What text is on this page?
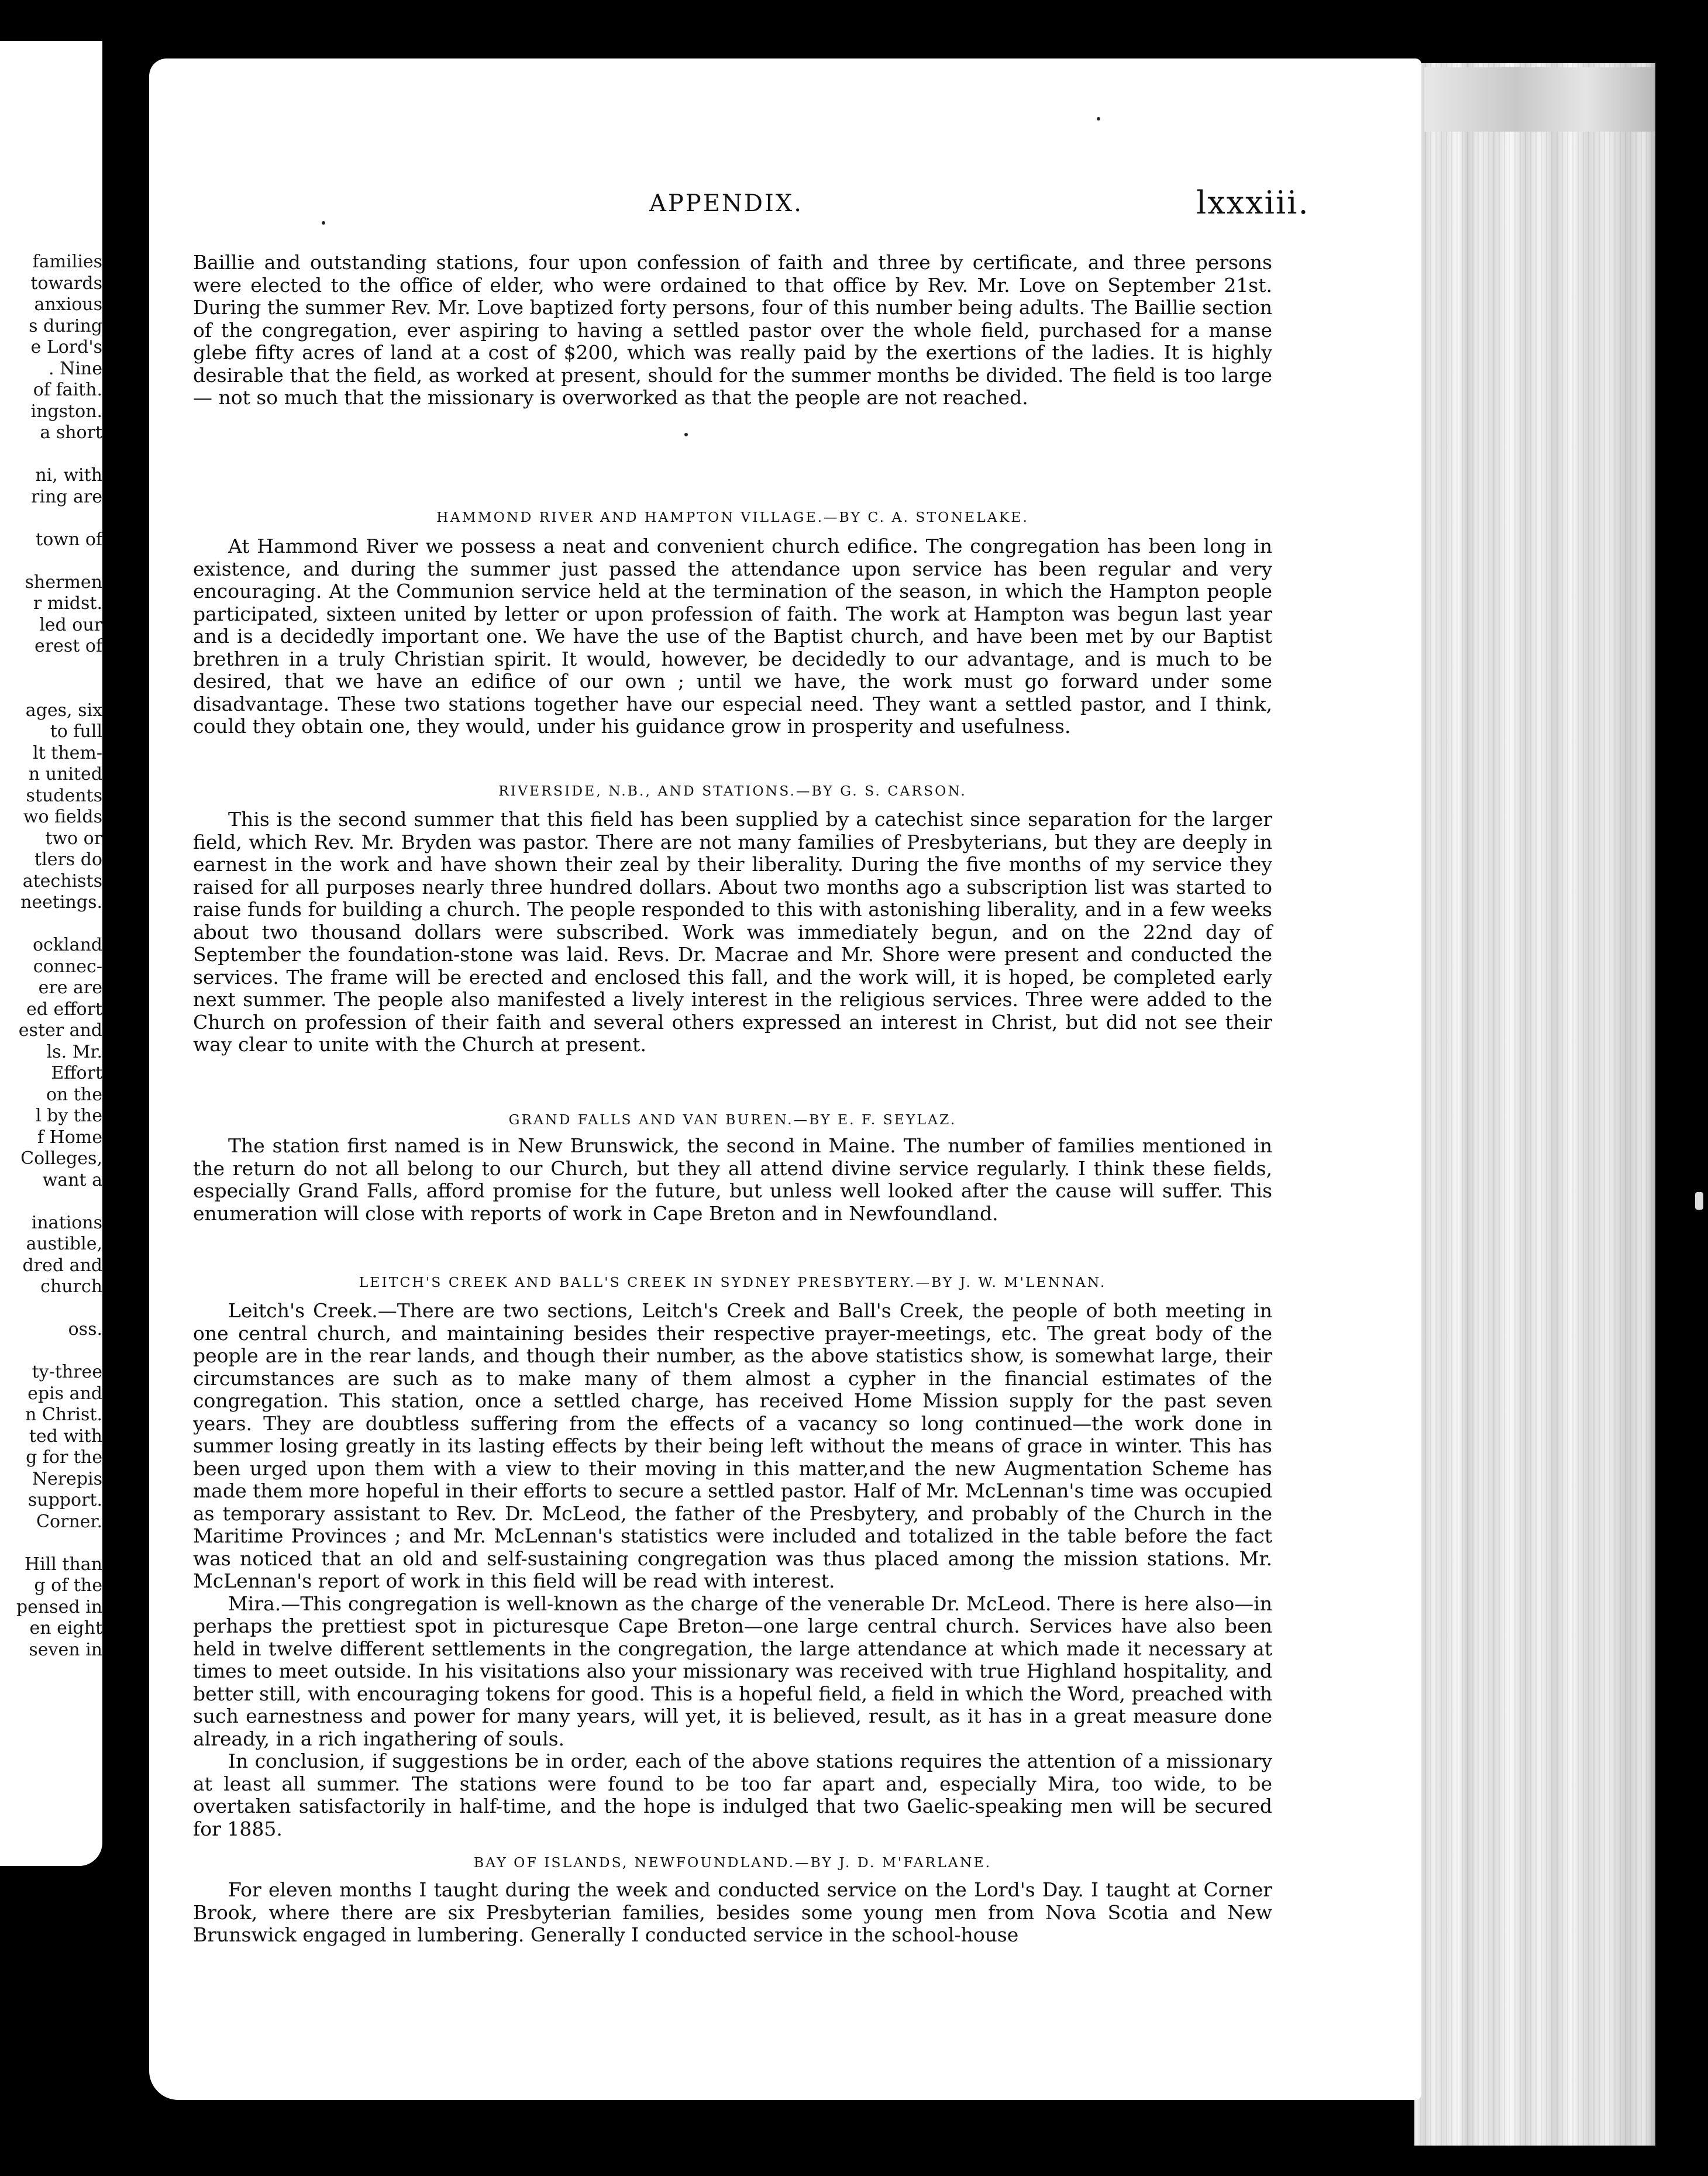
families
towards
anxious
s during
e Lord's
. Nine
of faith.
ingston.
a short
ni, with
ring are
town of
shermen
r midst.
led our
erest of
ages, six
to full
lt them-
n united
students
wo fields
two or
tlers do
atechists
neetings.
ockland
connec-
ere are
ed effort
ester and
ls. Mr.
Effort
on the
l by the
f Home
Colleges,
want a
inations
austible,
dred and
church
oss.
ty-three
epis and
n Christ.
ted with
g for the
Nerepis
support.
Corner.
Hill than
g of the
pensed in
en eight
seven in
APPENDIX.	lxxxiii.

Baillie and outstanding stations, four upon confession of faith and three by certificate, and three persons were elected to the office of elder, who were ordained to that office by Rev. Mr. Love on September 21st. During the summer Rev. Mr. Love baptized forty persons, four of this number being adults. The Baillie section of the congregation, ever aspiring to having a settled pastor over the whole field, purchased for a manse glebe fifty acres of land at a cost of $200, which was really paid by the exertions of the ladies. It is highly desirable that the field, as worked at present, should for the summer months be divided. The field is too large— not so much that the missionary is overworked as that the people are not reached.

HAMMOND RIVER AND HAMPTON VILLAGE.—BY C. A. STONELAKE.

At Hammond River we possess a neat and convenient church edifice. The congregation has been long in existence, and during the summer just passed the attendance upon service has been regular and very encouraging. At the Communion service held at the termination of the season, in which the Hampton people participated, sixteen united by letter or upon profession of faith. The work at Hampton was begun last year and is a decidedly important one. We have the use of the Baptist church, and have been met by our Baptist brethren in a truly Christian spirit. It would, however, be decidedly to our advantage, and is much to be desired, that we have an edifice of our own ; until we have, the work must go forward under some disadvantage. These two stations together have our especial need. They want a settled pastor, and I think, could they obtain one, they would, under his guidance grow in prosperity and usefulness.

RIVERSIDE, N.B., AND STATIONS.—BY G. S. CARSON.

This is the second summer that this field has been supplied by a catechist since separation for the larger field, which Rev. Mr. Bryden was pastor. There are not many families of Presbyterians, but they are deeply in earnest in the work and have shown their zeal by their liberality. During the five months of my service they raised for all purposes nearly three hundred dollars. About two months ago a subscription list was started to raise funds for building a church. The people responded to this with astonishing liberality, and in a few weeks about two thousand dollars were subscribed. Work was immediately begun, and on the 22nd day of September the foundation-stone was laid. Revs. Dr. Macrae and Mr. Shore were present and conducted the services. The frame will be erected and enclosed this fall, and the work will, it is hoped, be completed early next summer. The people also manifested a lively interest in the religious services. Three were added to the Church on profession of their faith and several others expressed an interest in Christ, but did not see their way clear to unite with the Church at present.

GRAND FALLS AND VAN BUREN.—BY E. F. SEYLAZ.

The station first named is in New Brunswick, the second in Maine. The number of families mentioned in the return do not all belong to our Church, but they all attend divine service regularly. I think these fields, especially Grand Falls, afford promise for the future, but unless well looked after the cause will suffer. This enumeration will close with reports of work in Cape Breton and in Newfoundland.

LEITCH'S CREEK AND BALL'S CREEK IN SYDNEY PRESBYTERY.—BY J. W. M'LENNAN.

Leitch's Creek.—There are two sections, Leitch's Creek and Ball's Creek, the people of both meeting in one central church, and maintaining besides their respective prayer-meetings, etc. The great body of the people are in the rear lands, and though their number, as the above statistics show, is somewhat large, their circumstances are such as to make many of them almost a cypher in the financial estimates of the congregation. This station, once a settled charge, has received Home Mission supply for the past seven years. They are doubtless suffering from the effects of a vacancy so long continued—the work done in summer losing greatly in its lasting effects by their being left without the means of grace in winter. This has been urged upon them with a view to their moving in this matter,and the new Augmentation Scheme has made them more hopeful in their efforts to secure a settled pastor. Half of Mr. McLennan's time was occupied as temporary assistant to Rev. Dr. McLeod, the father of the Presbytery, and probably of the Church in the Maritime Provinces ; and Mr. McLennan's statistics were included and totalized in the table before the fact was noticed that an old and self-sustaining congregation was thus placed among the mission stations. Mr. McLennan's report of work in this field will be read with interest.

Mira.—This congregation is well-known as the charge of the venerable Dr. McLeod. There is here also—in perhaps the prettiest spot in picturesque Cape Breton—one large central church. Services have also been held in twelve different settlements in the congregation, the large attendance at which made it necessary at times to meet outside. In his visitations also your missionary was received with true Highland hospitality, and better still, with encouraging tokens for good. This is a hopeful field, a field in which the Word, preached with such earnestness and power for many years, will yet, it is believed, result, as it has in a great measure done already, in a rich ingathering of souls.

In conclusion, if suggestions be in order, each of the above stations requires the attention of a missionary at least all summer. The stations were found to be too far apart and, especially Mira, too wide, to be overtaken satisfactorily in half-time, and the hope is indulged that two Gaelic-speaking men will be secured for 1885.

BAY OF ISLANDS, NEWFOUNDLAND.—BY J. D. M'FARLANE.

For eleven months I taught during the week and conducted service on the Lord's Day. I taught at Corner Brook, where there are six Presbyterian families, besides some young men from Nova Scotia and New Brunswick engaged in lumbering. Generally I conducted service in the school-house
